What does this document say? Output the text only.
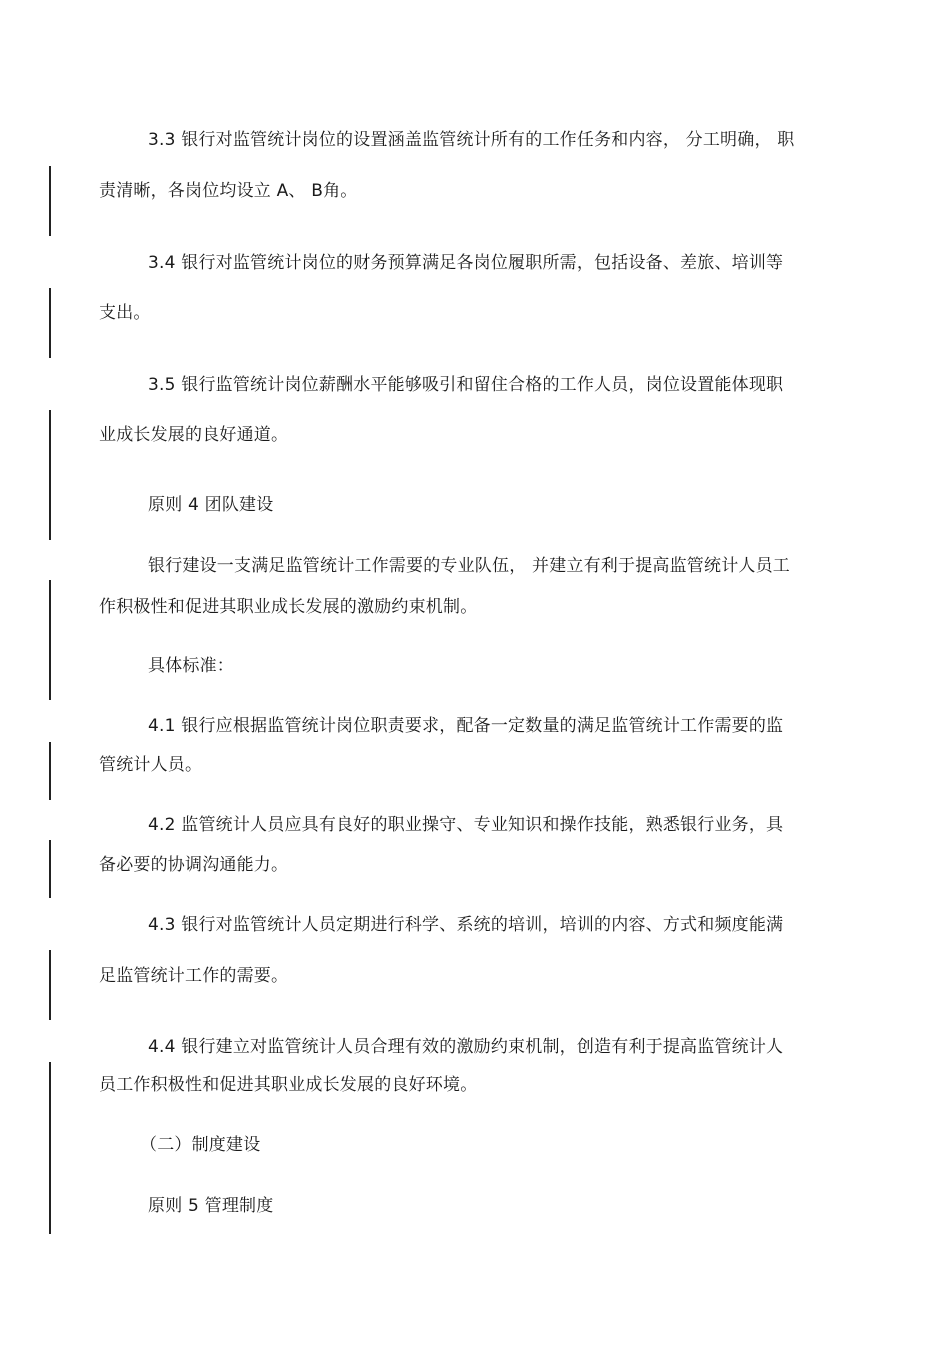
3.3 银行对监管统计岗位的设置涵盖监管统计所有的工作任务和内容， 分工明确， 职
责清晰，各岗位均设立 A、 B角。
3.4 银行对监管统计岗位的财务预算满足各岗位履职所需，包括设备、差旅、培训等
支出。
3.5 银行监管统计岗位薪酬水平能够吸引和留住合格的工作人员，岗位设置能体现职
业成长发展的良好通道。
原则 4 团队建设
银行建设一支满足监管统计工作需要的专业队伍， 并建立有利于提高监管统计人员工
作积极性和促进其职业成长发展的激励约束机制。
具体标准：
4.1 银行应根据监管统计岗位职责要求，配备一定数量的满足监管统计工作需要的监
管统计人员。
4.2 监管统计人员应具有良好的职业操守、专业知识和操作技能，熟悉银行业务，具
备必要的协调沟通能力。
4.3 银行对监管统计人员定期进行科学、系统的培训，培训的内容、方式和频度能满
足监管统计工作的需要。
4.4 银行建立对监管统计人员合理有效的激励约束机制，创造有利于提高监管统计人
员工作积极性和促进其职业成长发展的良好环境。
（二）制度建设
原则 5 管理制度
